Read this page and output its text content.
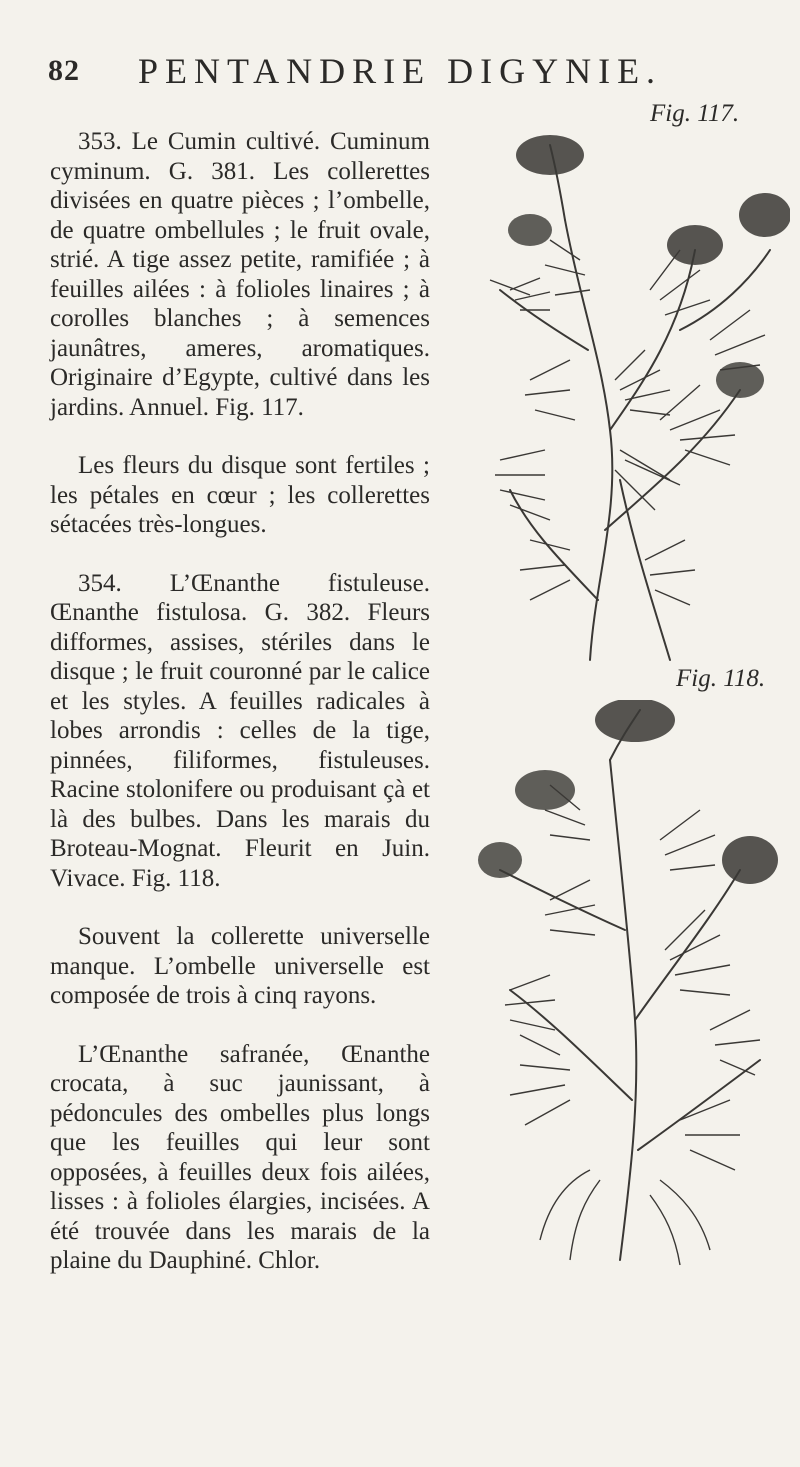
82 PENTANDRIE DIGYNIE.

353. Le Cumin cultivé. Cuminum cyminum. G. 381. Les collerettes divisées en quatre pièces ; l’ombelle, de quatre ombellules ; le fruit ovale, strié. A tige assez petite, ramifiée ; à feuilles ailées : à folioles linaires ; à corolles blanches ; à semences jaunâtres, ameres, aromatiques. Originaire d’Egypte, cultivé dans les jardins. Annuel. Fig. 117.

Les fleurs du disque sont fertiles ; les pétales en cœur ; les collerettes sétacées très-longues.

354. L’Œnanthe fistuleuse. Œnanthe fistulosa. G. 382. Fleurs difformes, assises, stériles dans le disque ; le fruit couronné par le calice et les styles. A feuilles radicales à lobes arrondis : celles de la tige, pinnées, filiformes, fistuleuses. Racine stolonifere ou produisant çà et là des bulbes. Dans les marais du Broteau-Mognat. Fleurit en Juin. Vivace. Fig. 118.

Souvent la collerette universelle manque. L’ombelle universelle est composée de trois à cinq rayons.

L’Œnanthe safranée, Œnanthe crocata, à suc jaunissant, à pédoncules des ombelles plus longs que les feuilles qui leur sont opposées, à feuilles deux fois ailées, lisses : à folioles élargies, incisées. A été trouvée dans les marais de la plaine du Dauphiné. Chlor.

Fig. 117.
Fig. 118.
